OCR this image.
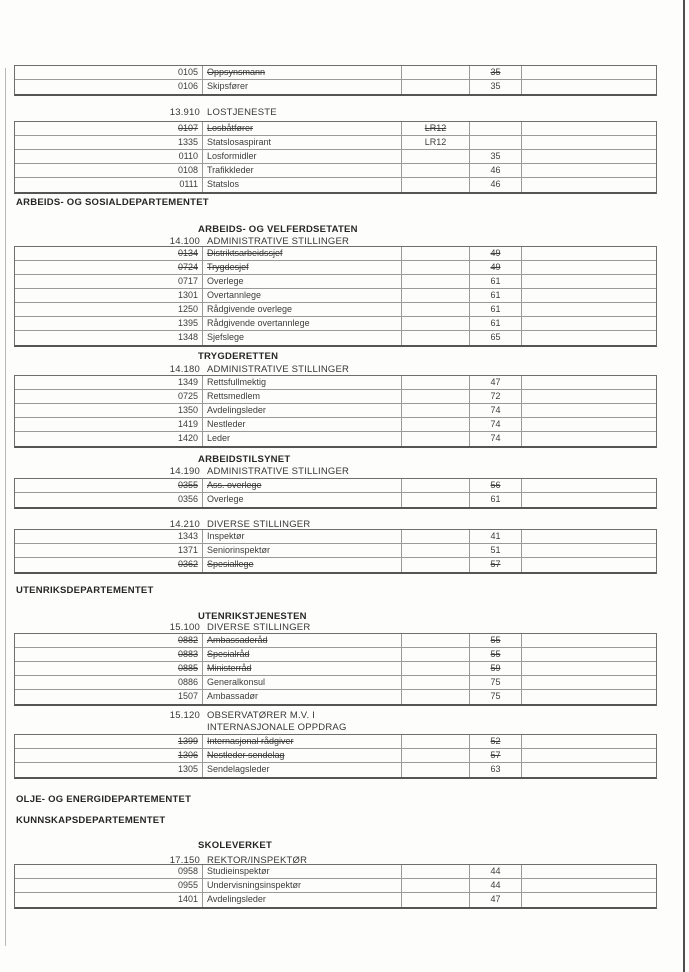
0105	Oppsynsmann	35
0106	Skipsfører	35
13.910 LOSTJENESTE
0107	Losbåtfører	LR12
1335	Statslosaspirant	LR12
0110	Losformidler	35
0108	Trafikkleder	46
0111	Statslos	46
ARBEIDS- OG SOSIALDEPARTEMENTET
ARBEIDS- OG VELFERDSETATEN
14.100 ADMINISTRATIVE STILLINGER
0134	Distriktsarbeidssjef	49
0724	Trygdesjef	49
0717	Overlege	61
1301	Overtannlege	61
1250	Rådgivende overlege	61
1395	Rådgivende overtannlege	61
1348	Sjefslege	65
TRYGDERETTEN
14.180 ADMINISTRATIVE STILLINGER
1349	Rettsfullmektig	47
0725	Rettsmedlem	72
1350	Avdelingsleder	74
1419	Nestleder	74
1420	Leder	74
ARBEIDSTILSYNET
14.190 ADMINISTRATIVE STILLINGER
0355	Ass. overlege	56
0356	Overlege	61
14.210 DIVERSE STILLINGER
1343	Inspektør	41
1371	Seniorinspektør	51
0362	Spesiallege	57
UTENRIKSDEPARTEMENTET
UTENRIKSTJENESTEN
15.100 DIVERSE STILLINGER
0882	Ambassaderåd	55
0883	Spesialråd	55
0885	Ministerråd	59
0886	Generalkonsul	75
1507	Ambassadør	75
15.120 OBSERVATØRER M.V. I
INTERNASJONALE OPPDRAG
1399	Internasjonal rådgiver	52
1306	Nestleder sendelag	57
1305	Sendelagsleder	63
OLJE- OG ENERGIDEPARTEMENTET
KUNNSKAPSDEPARTEMENTET
SKOLEVERKET
17.150 REKTOR/INSPEKTØR
0958	Studieinspektør	44
0955	Undervisningsinspektør	44
1401	Avdelingsleder	47
